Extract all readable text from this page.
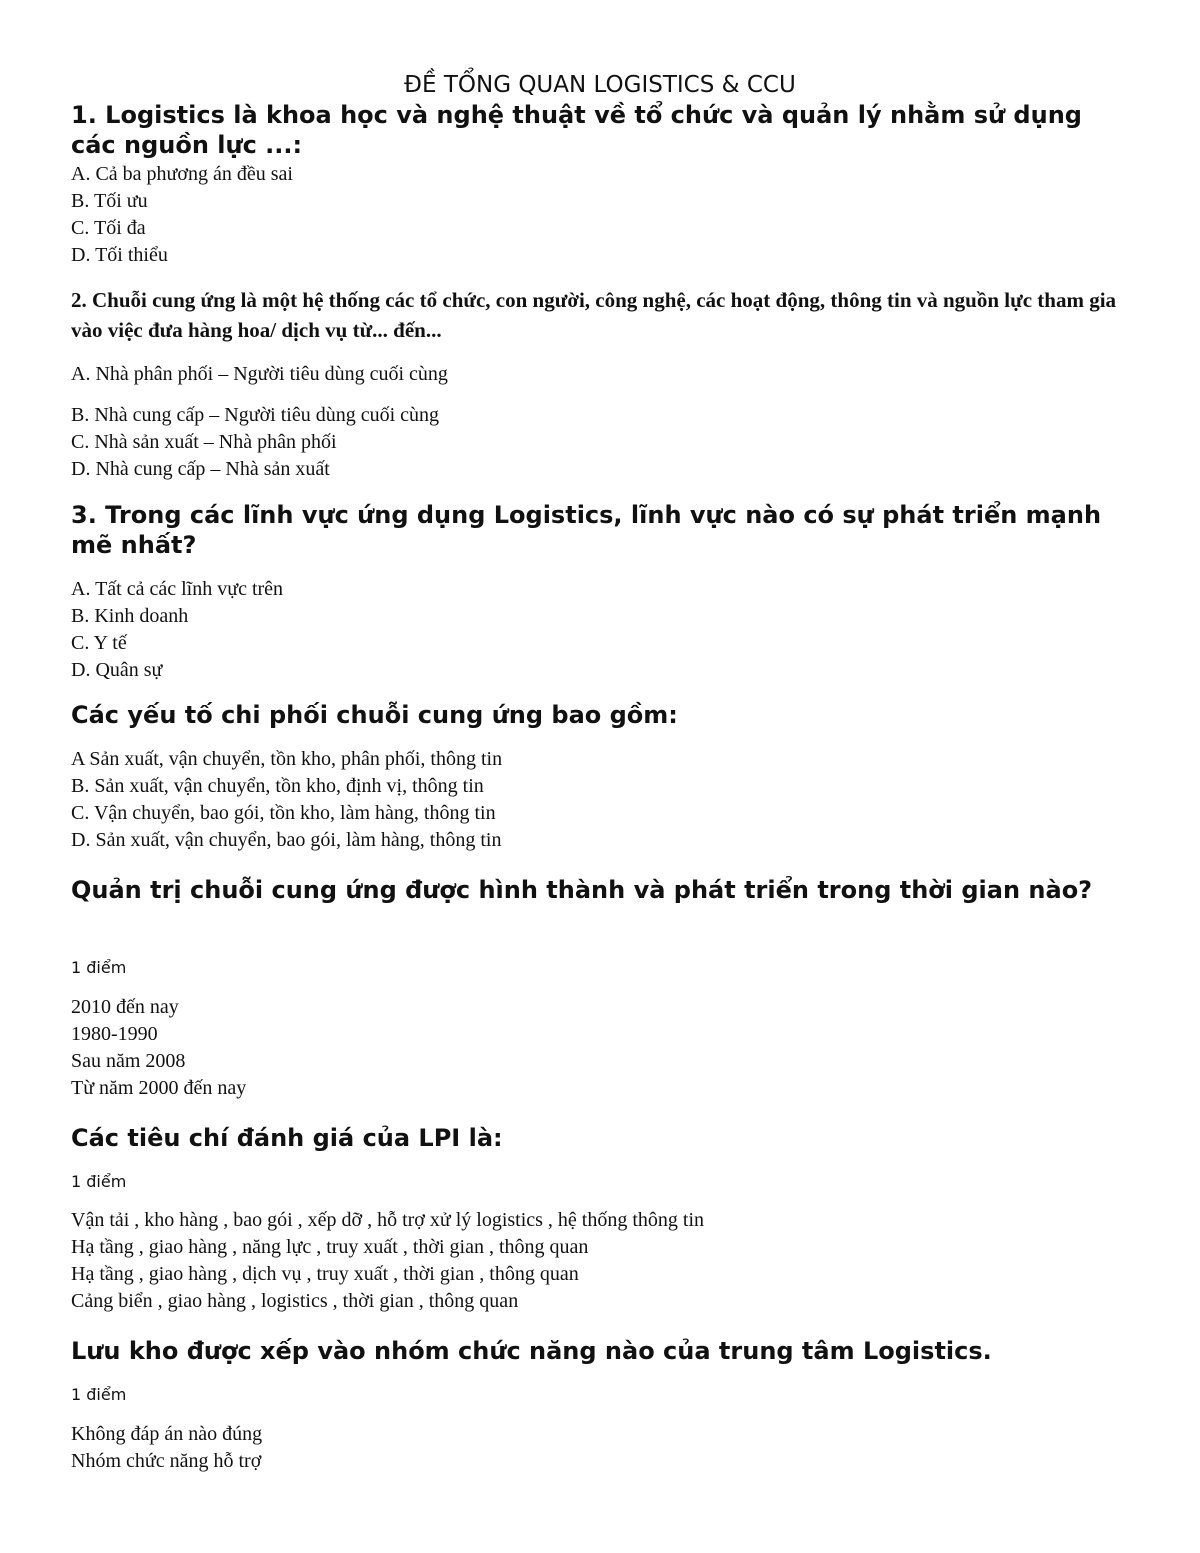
ĐỀ TỔNG QUAN LOGISTICS & CCU

1. Logistics là khoa học và nghệ thuật về tổ chức và quản lý nhằm sử dụng các nguồn lực ...:

A. Cả ba phương án đều sai
B. Tối ưu
C. Tối đa
D. Tối thiểu

2. Chuỗi cung ứng là một hệ thống các tổ chức, con người, công nghệ, các hoạt động, thông tin và nguồn lực tham gia vào việc đưa hàng hoa/ dịch vụ từ... đến...

A. Nhà phân phối – Người tiêu dùng cuối cùng
B. Nhà cung cấp – Người tiêu dùng cuối cùng
C. Nhà sản xuất – Nhà phân phối
D. Nhà cung cấp – Nhà sản xuất

3. Trong các lĩnh vực ứng dụng Logistics, lĩnh vực nào có sự phát triển mạnh mẽ nhất?

A. Tất cả các lĩnh vực trên
B. Kinh doanh
C. Y tế
D. Quân sự

Các yếu tố chi phối chuỗi cung ứng bao gồm:

A Sản xuất, vận chuyển, tồn kho, phân phối, thông tin
B. Sản xuất, vận chuyển, tồn kho, định vị, thông tin
C. Vận chuyển, bao gói, tồn kho, làm hàng, thông tin
D. Sản xuất, vận chuyển, bao gói, làm hàng, thông tin

Quản trị chuỗi cung ứng được hình thành và phát triển trong thời gian nào?

1 điểm
2010 đến nay
1980-1990
Sau năm 2008
Từ năm 2000 đến nay

Các tiêu chí đánh giá của LPI là:

1 điểm
Vận tải , kho hàng , bao gói , xếp dỡ , hỗ trợ xử lý logistics , hệ thống thông tin
Hạ tầng , giao hàng , năng lực , truy xuất , thời gian , thông quan
Hạ tầng , giao hàng , dịch vụ , truy xuất , thời gian , thông quan
Cảng biển , giao hàng , logistics , thời gian , thông quan

Lưu kho được xếp vào nhóm chức năng nào của trung tâm Logistics.

1 điểm
Không đáp án nào đúng
Nhóm chức năng hỗ trợ
